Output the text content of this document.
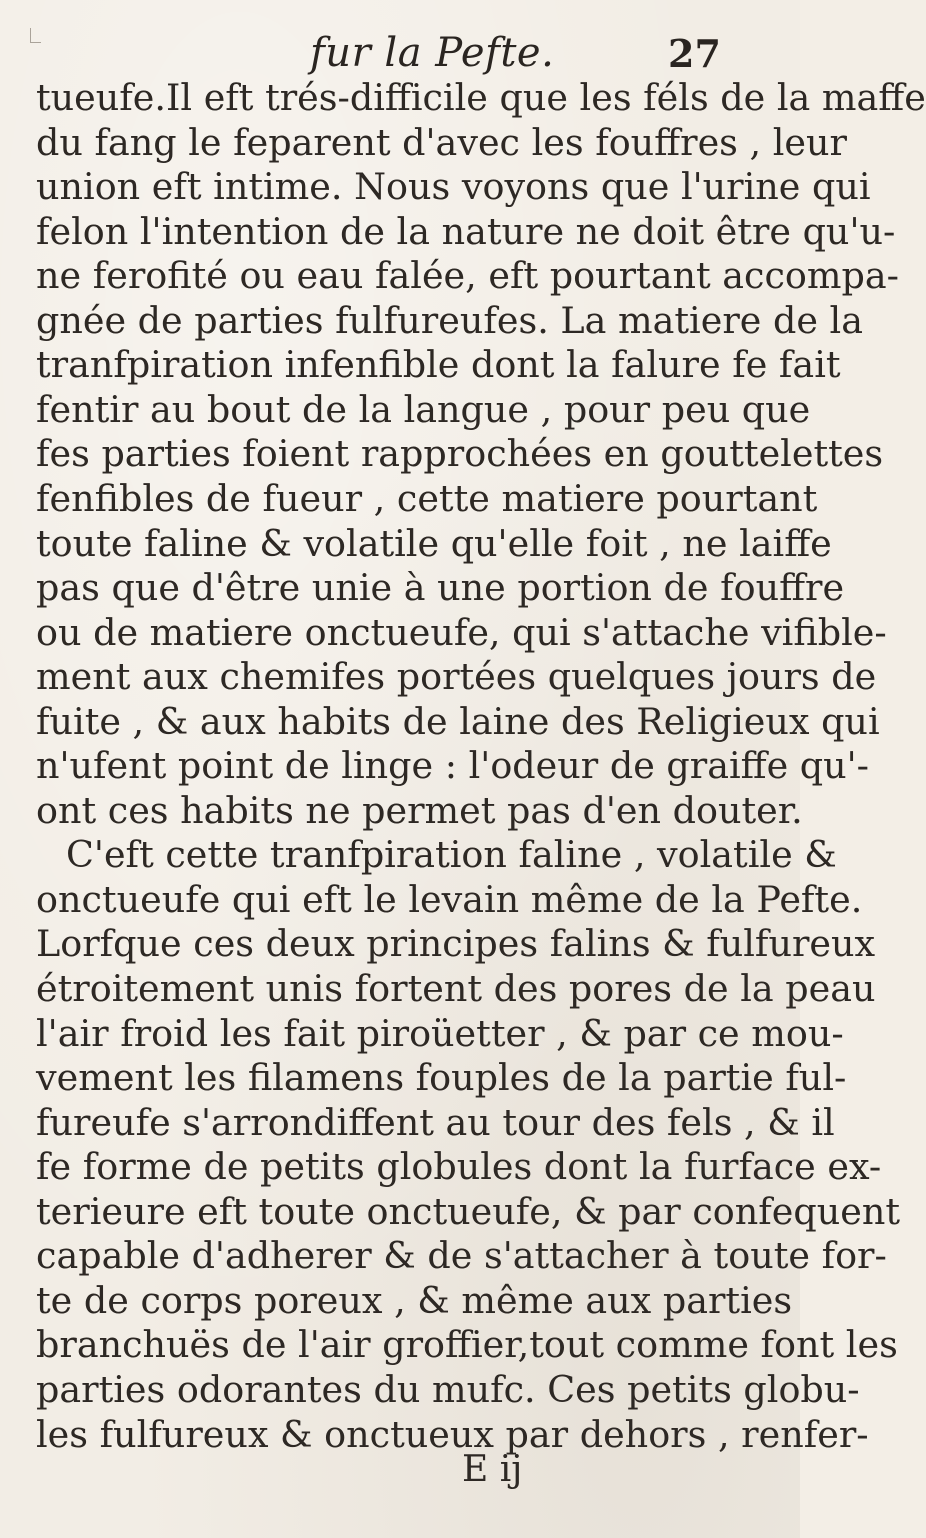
fur la Pefte.	27
tueufe.Il eft trés-difficile que les féls de la maffe
du fang le feparent d'avec les fouffres , leur
union eft intime. Nous voyons que l'urine qui
felon l'intention de la nature ne doit être qu'u-
ne ferofité ou eau falée, eft pourtant accompa-
gnée de parties fulfureufes. La matiere de la
tranfpiration infenfible dont la falure fe fait
fentir au bout de la langue , pour peu que
fes parties foient rapprochées en gouttelettes
fenfibles de fueur , cette matiere pourtant
toute faline & volatile qu'elle foit , ne laiffe
pas que d'être unie à une portion de fouffre
ou de matiere onctueufe, qui s'attache vifible-
ment aux chemifes portées quelques jours de
fuite , & aux habits de laine des Religieux qui
n'ufent point de linge : l'odeur de graiffe qu'-
ont ces habits ne permet pas d'en douter.
C'eft cette tranfpiration faline , volatile &
onctueufe qui eft le levain même de la Pefte.
Lorfque ces deux principes falins & fulfureux
étroitement unis fortent des pores de la peau
l'air froid les fait piroüetter , & par ce mou-
vement les filamens fouples de la partie ful-
fureufe s'arrondiffent au tour des fels , & il
fe forme de petits globules dont la furface ex-
terieure eft toute onctueufe, & par confequent
capable d'adherer & de s'attacher à toute for-
te de corps poreux , & même aux parties
branchuës de l'air groffier,tout comme font les
parties odorantes du mufc. Ces petits globu-
les fulfureux & onctueux par dehors , renfer-
E ij
